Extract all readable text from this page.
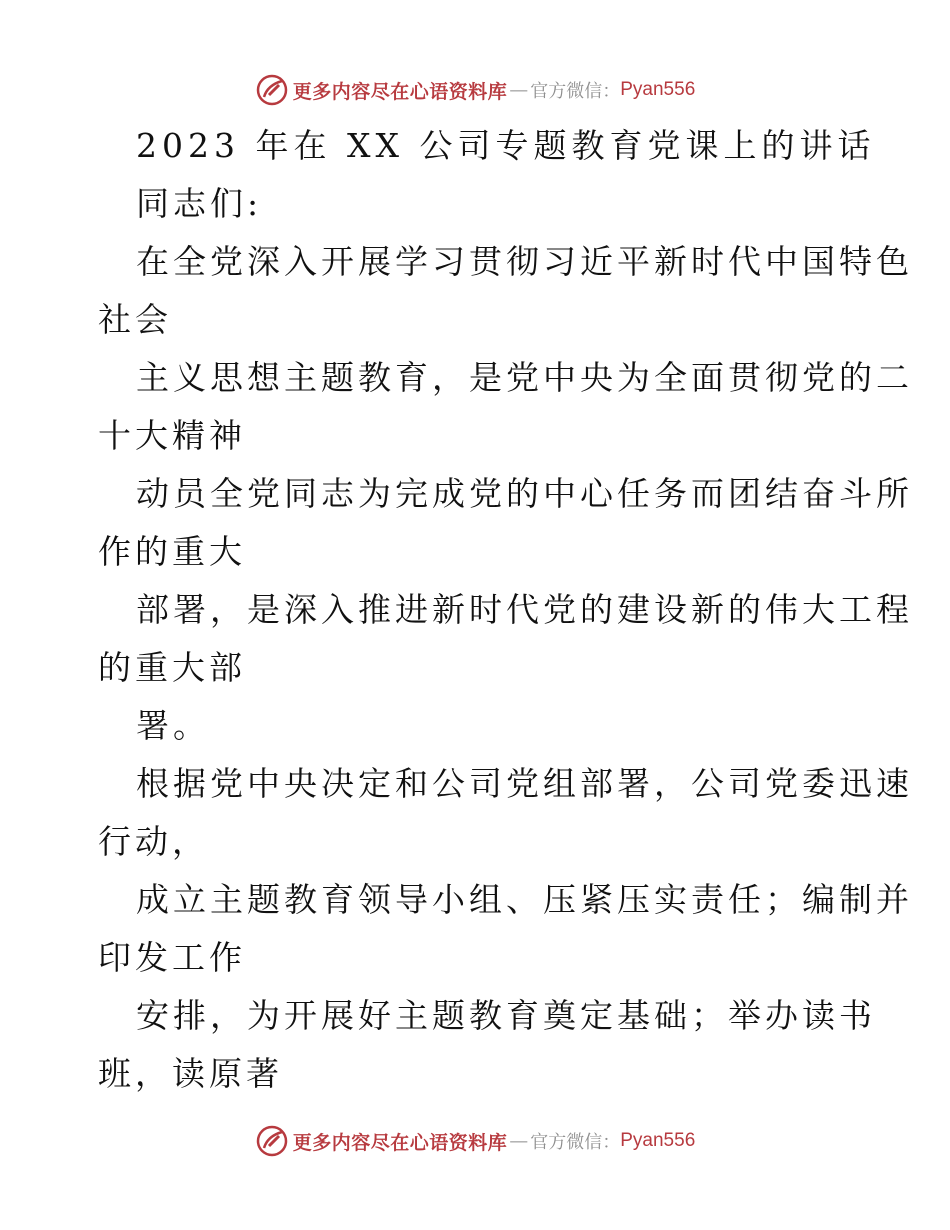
更多内容尽在心语资料库 — 官方微信： Pyan556
2023 年在 XX 公司专题教育党课上的讲话
同志们:
在全党深入开展学习贯彻习近平新时代中国特色
社会
主义思想主题教育，是党中央为全面贯彻党的二
十大精神
动员全党同志为完成党的中心任务而团结奋斗所
作的重大
部署，是深入推进新时代党的建设新的伟大工程
的重大部
署。
根据党中央决定和公司党组部署，公司党委迅速
行动，
成立主题教育领导小组、压紧压实责任；编制并
印发工作
安排，为开展好主题教育奠定基础；举办读书
班，读原著
更多内容尽在心语资料库 — 官方微信： Pyan556
